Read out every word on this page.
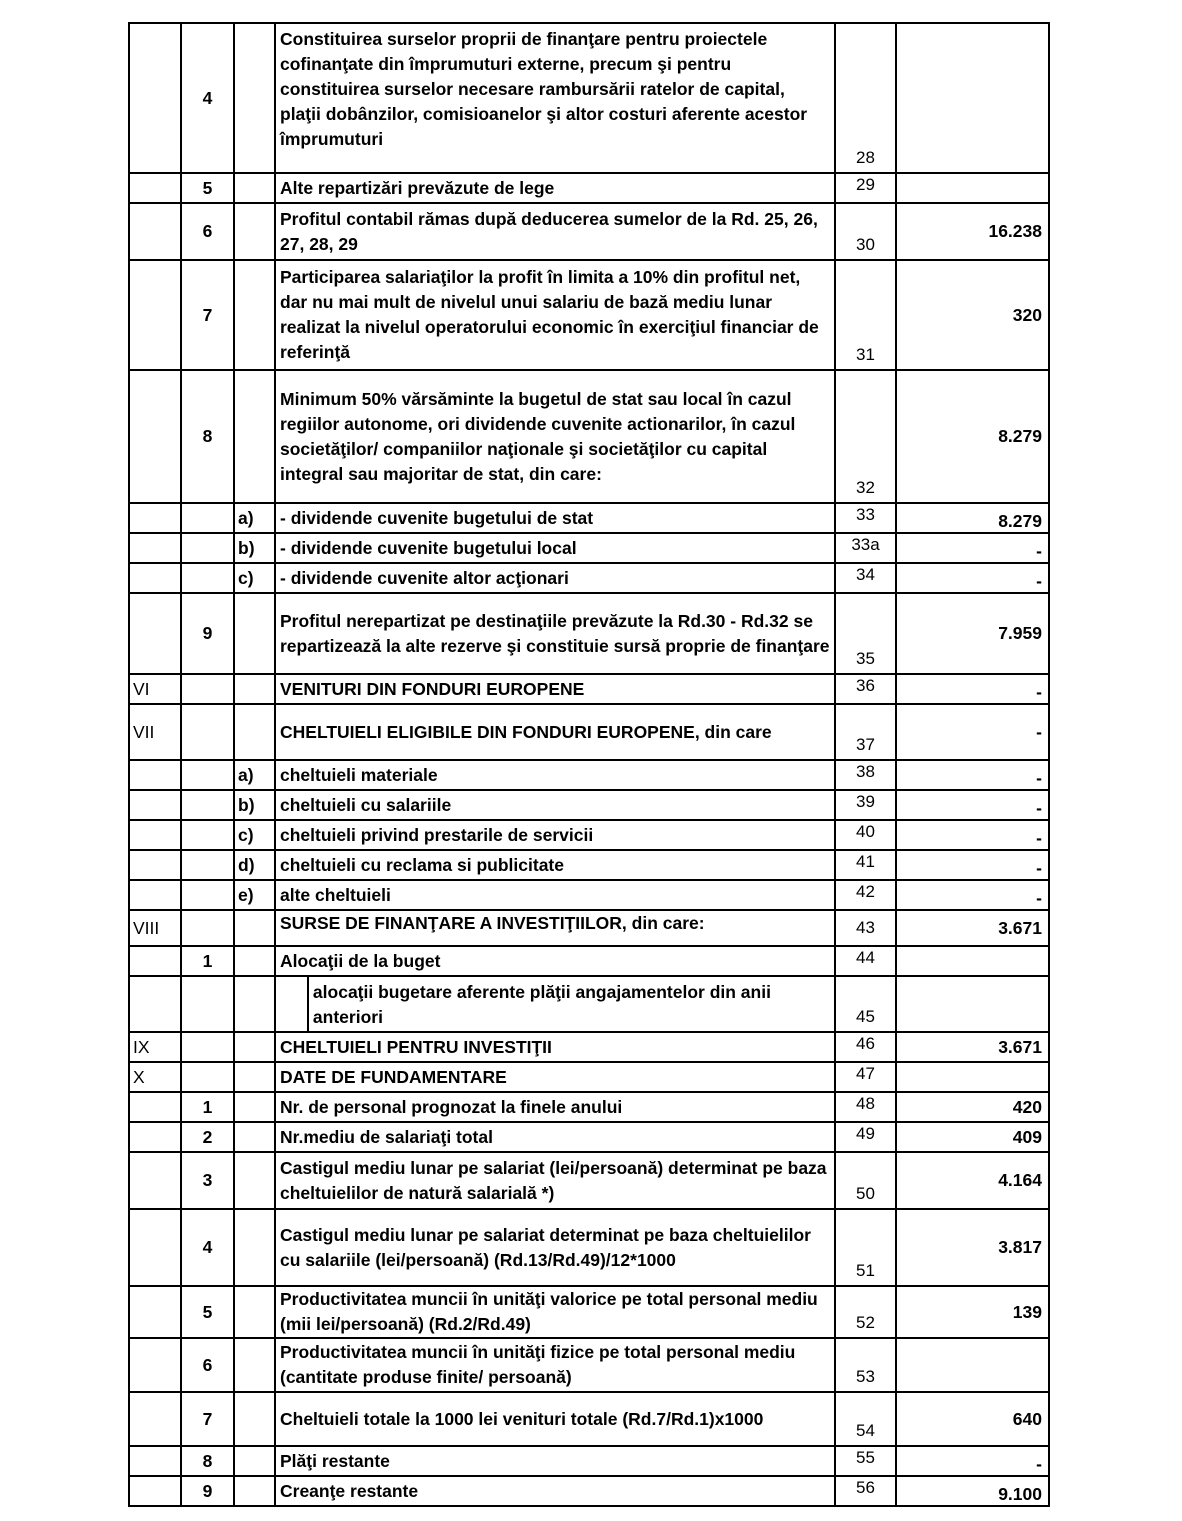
	4		Constituirea surselor proprii de finanţare pentru proiectele cofinanţate din împrumuturi externe, precum şi pentru constituirea surselor necesare rambursării ratelor de capital, plaţii dobânzilor, comisioanelor şi altor costuri aferente acestor împrumuturi	28	
	5		Alte repartizări prevăzute de lege	29	
	6		Profitul contabil rămas după deducerea sumelor de la Rd. 25, 26, 27, 28, 29	30	16.238
	7		Participarea salariaţilor la profit în limita a 10% din profitul net, dar nu mai mult de nivelul unui salariu de bază mediu lunar realizat la nivelul operatorului economic în exerciţiul financiar de referinţă	31	320
	8		Minimum 50% vărsăminte la bugetul de stat sau local în cazul regiilor autonome, ori dividende cuvenite actionarilor, în cazul societăţilor/ companiilor naţionale şi societăţilor cu capital integral sau majoritar de stat, din care:	32	8.279
		a)	- dividende cuvenite bugetului de stat	33	8.279
		b)	- dividende cuvenite bugetului local	33a	-
		c)	- dividende cuvenite altor acţionari	34	-
	9		Profitul nerepartizat pe destinaţiile prevăzute la Rd.30 - Rd.32 se repartizează la alte rezerve şi constituie sursă proprie de finanţare	35	7.959
VI			VENITURI DIN FONDURI EUROPENE	36	-
VII			CHELTUIELI ELIGIBILE DIN FONDURI EUROPENE, din care	37	-
		a)	cheltuieli materiale	38	-
		b)	cheltuieli cu salariile	39	-
		c)	cheltuieli privind prestarile de servicii	40	-
		d)	cheltuieli cu reclama si publicitate	41	-
		e)	alte cheltuieli	42	-
VIII			SURSE DE FINANŢARE A INVESTIŢIILOR, din care:	43	3.671
	1		Alocaţii de la buget	44	

			alocaţii bugetare aferente plăţii angajamentelor din anii anteriori	45	
IX			CHELTUIELI PENTRU INVESTIŢII	46	3.671
X			DATE DE FUNDAMENTARE	47	
	1		Nr. de personal prognozat la finele anului	48	420
	2		Nr.mediu de salariaţi total	49	409
	3		Castigul mediu lunar pe salariat (lei/persoană) determinat pe baza cheltuielilor de natură salarială *)	50	4.164
	4		Castigul mediu lunar pe salariat determinat pe baza cheltuielilor cu salariile (lei/persoană) (Rd.13/Rd.49)/12*1000	51	3.817
	5		Productivitatea muncii în unităţi valorice pe total personal mediu (mii lei/persoană) (Rd.2/Rd.49)	52	139
	6		Productivitatea muncii în unităţi fizice pe total personal mediu (cantitate produse finite/ persoană)	53	
	7		Cheltuieli totale la 1000 lei venituri totale (Rd.7/Rd.1)x1000	54	640
	8		Plăţi restante	55	-
	9		Creanţe restante	56	9.100
